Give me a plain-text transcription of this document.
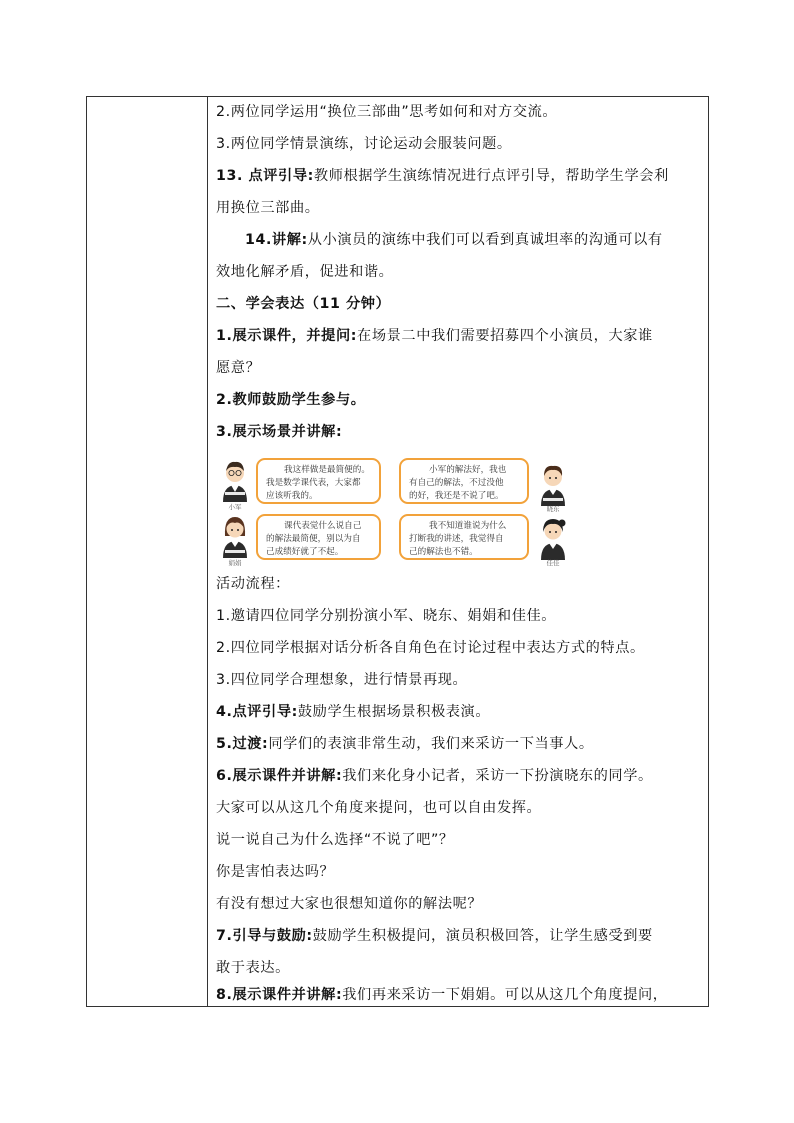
2.两位同学运用“换位三部曲”思考如何和对方交流。
3.两位同学情景演练，讨论运动会服装问题。
13. 点评引导:教师根据学生演练情况进行点评引导，帮助学生学会利
用换位三部曲。
14.讲解:从小演员的演练中我们可以看到真诚坦率的沟通可以有
效地化解矛盾，促进和谐。
二、学会表达（11 分钟）
1.展示课件，并提问:在场景二中我们需要招募四个小演员，大家谁
愿意？
2.教师鼓励学生参与。
3.展示场景并讲解:
小军
我这样做是最简便的。
我是数学课代表，大家都
应该听我的。
小军的解法好，我也
有自己的解法，不过没他
的好，我还是不说了吧。
晓东
娟娟
课代表觉什么说自己
的解法最简便，别以为自
己成绩好就了不起。
我不知道谁说为什么
打断我的讲述，我觉得自
己的解法也不错。
佳佳
活动流程：
1.邀请四位同学分别扮演小军、晓东、娟娟和佳佳。
2.四位同学根据对话分析各自角色在讨论过程中表达方式的特点。
3.四位同学合理想象，进行情景再现。
4.点评引导:鼓励学生根据场景积极表演。
5.过渡:同学们的表演非常生动，我们来采访一下当事人。
6.展示课件并讲解:我们来化身小记者，采访一下扮演晓东的同学。
大家可以从这几个角度来提问，也可以自由发挥。
说一说自己为什么选择“不说了吧”？
你是害怕表达吗？
有没有想过大家也很想知道你的解法呢？
7.引导与鼓励:鼓励学生积极提问，演员积极回答，让学生感受到要
敢于表达。
8.展示课件并讲解:我们再来采访一下娟娟。可以从这几个角度提问，
